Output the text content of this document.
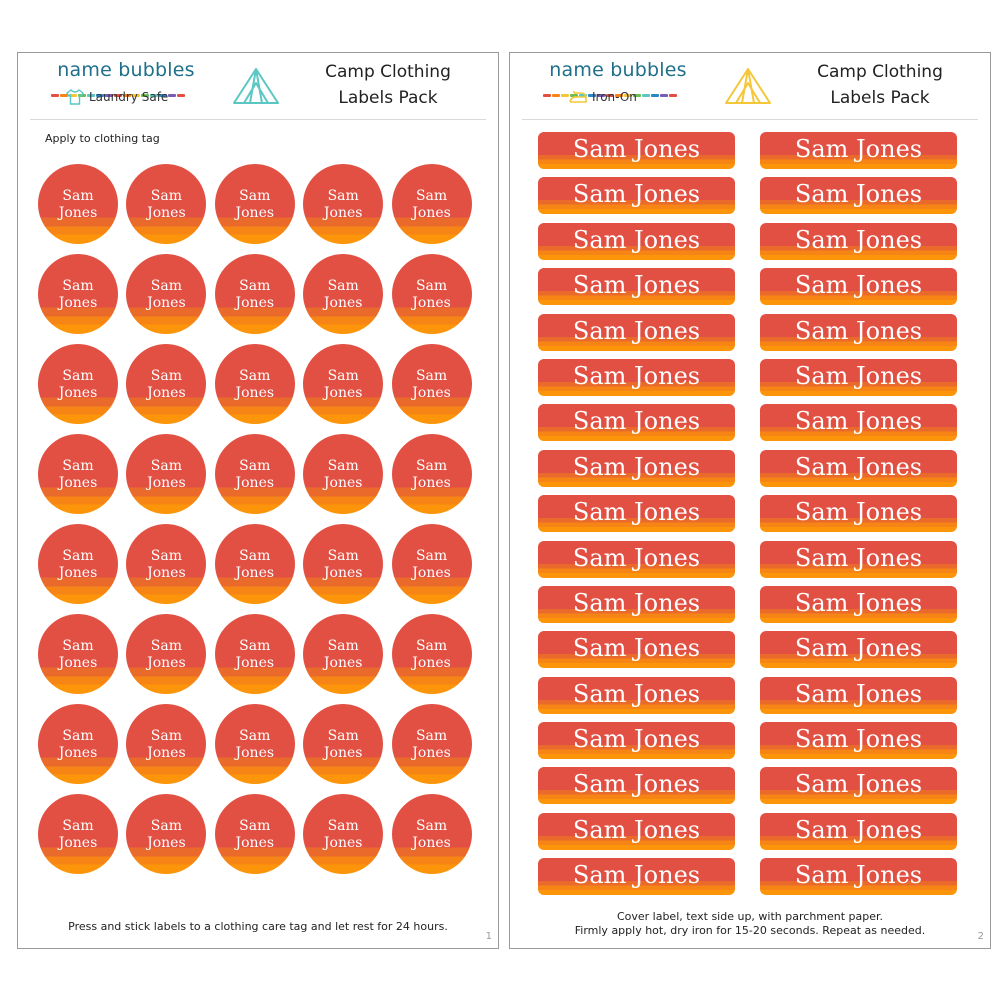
name bubbles
Laundry Safe
Camp Clothing
Labels Pack
Apply to clothing tag
Sam
Jones
Sam
Jones
Sam
Jones
Sam
Jones
Sam
Jones
Sam
Jones
Sam
Jones
Sam
Jones
Sam
Jones
Sam
Jones
Sam
Jones
Sam
Jones
Sam
Jones
Sam
Jones
Sam
Jones
Sam
Jones
Sam
Jones
Sam
Jones
Sam
Jones
Sam
Jones
Sam
Jones
Sam
Jones
Sam
Jones
Sam
Jones
Sam
Jones
Sam
Jones
Sam
Jones
Sam
Jones
Sam
Jones
Sam
Jones
Sam
Jones
Sam
Jones
Sam
Jones
Sam
Jones
Sam
Jones
Sam
Jones
Sam
Jones
Sam
Jones
Sam
Jones
Sam
Jones
Press and stick labels to a clothing care tag and let rest for 24 hours.
1
name bubbles
Iron-On
Camp Clothing
Labels Pack
Sam Jones	Sam Jones
Sam Jones	Sam Jones
Sam Jones	Sam Jones
Sam Jones	Sam Jones
Sam Jones	Sam Jones
Sam Jones	Sam Jones
Sam Jones	Sam Jones
Sam Jones	Sam Jones
Sam Jones	Sam Jones
Sam Jones	Sam Jones
Sam Jones	Sam Jones
Sam Jones	Sam Jones
Sam Jones	Sam Jones
Sam Jones	Sam Jones
Sam Jones	Sam Jones
Sam Jones	Sam Jones
Sam Jones	Sam Jones
Cover label, text side up, with parchment paper.
Firmly apply hot, dry iron for 15-20 seconds. Repeat as needed.	2
